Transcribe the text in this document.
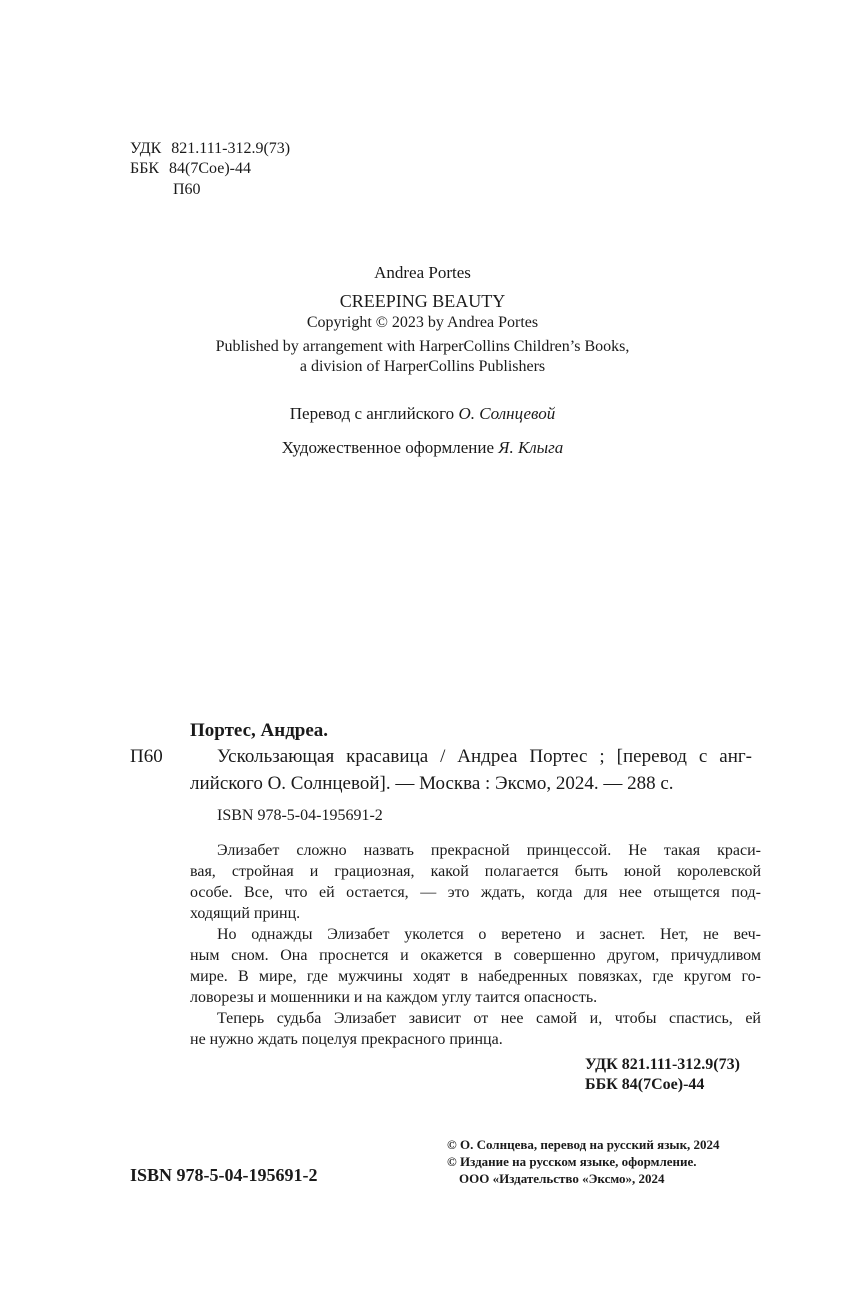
УДК 821.111-312.9(73)
ББК 84(7Сое)-44
П60
Andrea Portes
CREEPING BEAUTY
Copyright © 2023 by Andrea Portes
Published by arrangement with HarperCollins Children’s Books,
a division of HarperCollins Publishers
Перевод с английского О. Солнцевой
Художественное оформление Я. Клыга
Портес, Андреа.
П60	Ускользающая красавица / Андреа Портес ; [перевод с анг-
лийского О. Солнцевой]. — Москва : Эксмо, 2024. — 288 с.
ISBN 978-5-04-195691-2
Элизабет сложно назвать прекрасной принцессой. Не такая краси-
вая, стройная и грациозная, какой полагается быть юной королевской
особе. Все, что ей остается, — это ждать, когда для нее отыщется под-
ходящий принц.
Но однажды Элизабет уколется о веретено и заснет. Нет, не веч-
ным сном. Она проснется и окажется в совершенно другом, причудливом
мире. В мире, где мужчины ходят в набедренных повязках, где кругом го-
ловорезы и мошенники и на каждом углу таится опасность.
Теперь судьба Элизабет зависит от нее самой и, чтобы спастись, ей
не нужно ждать поцелуя прекрасного принца.
УДК 821.111-312.9(73)
ББК 84(7Сое)-44
ISBN 978-5-04-195691-2
© О. Солнцева, перевод на русский язык, 2024
© Издание на русском языке, оформление.
ООО «Издательство «Эксмо», 2024
